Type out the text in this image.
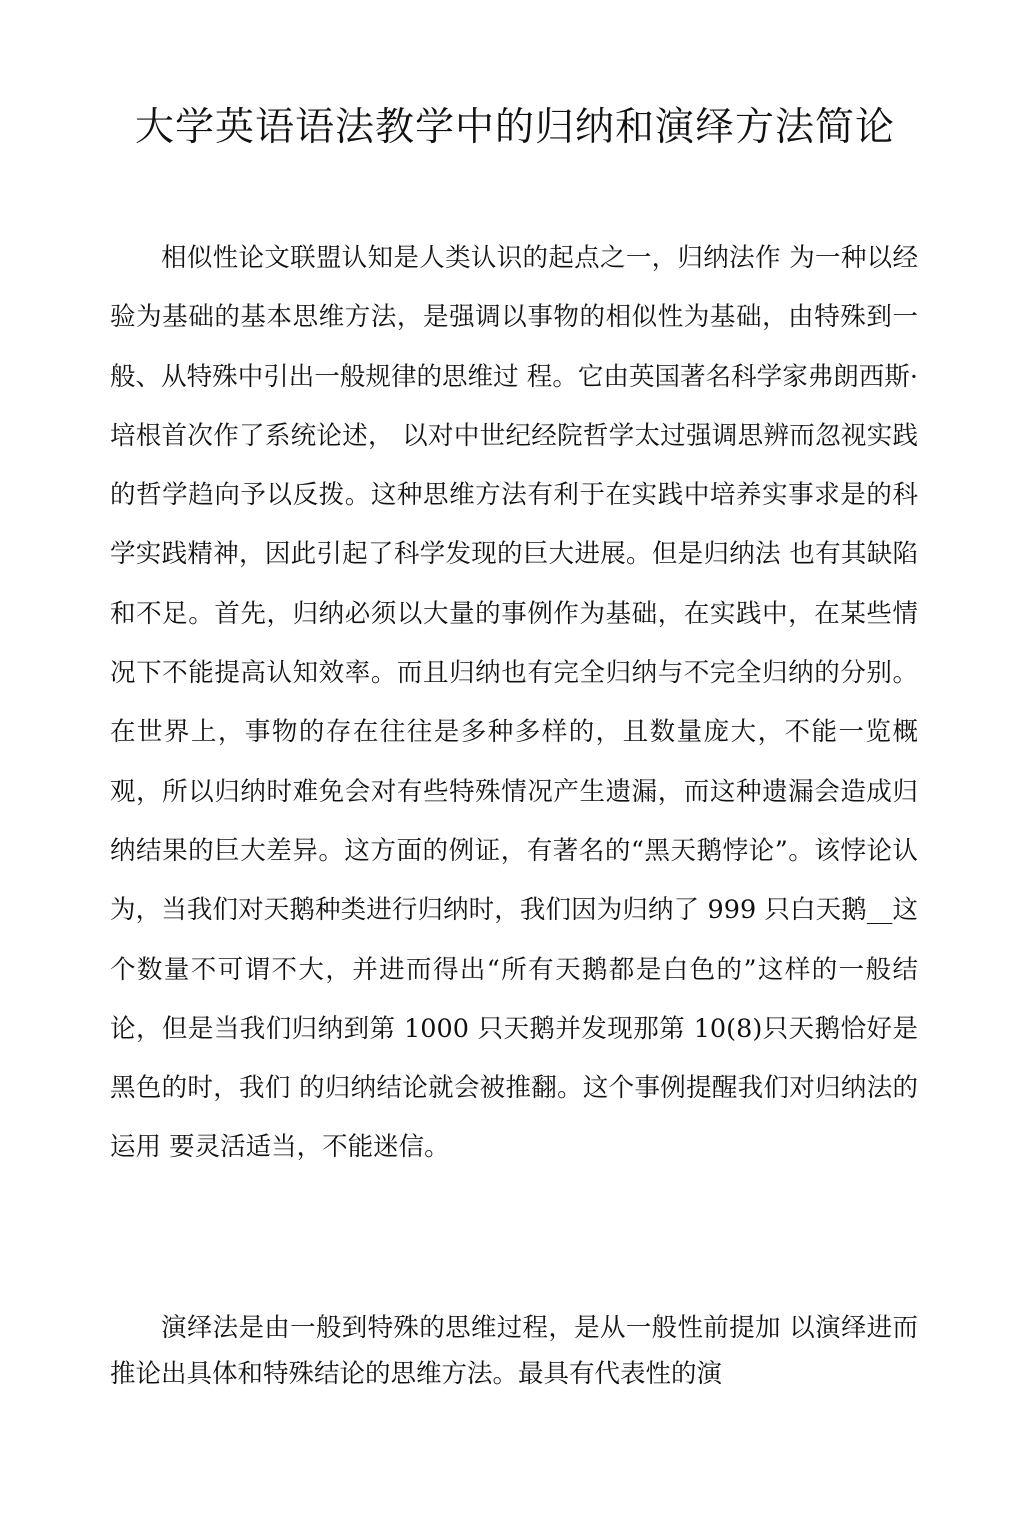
大学英语语法教学中的归纳和演绎方法简论

相似性论文联盟认知是人类认识的起点之一，归纳法作 为一种以经验为基础的基本思维方法，是强调以事物的相似性为基础，由特殊到一般、从特殊中引出一般规律的思维过 程。它由英国著名科学家弗朗西斯·培根首次作了系统论述， 以对中世纪经院哲学太过强调思辨而忽视实践的哲学趋向予以反拨。这种思维方法有利于在实践中培养实事求是的科学实践精神，因此引起了科学发现的巨大进展。但是归纳法 也有其缺陷和不足。首先，归纳必须以大量的事例作为基础，在实践中，在某些情况下不能提高认知效率。而且归纳也有完全归纳与不完全归纳的分别。在世界上，事物的存在往往是多种多样的，且数量庞大，不能一览概观，所以归纳时难免会对有些特殊情况产生遗漏，而这种遗漏会造成归纳结果的巨大差异。这方面的例证，有著名的“黑天鹅悖论”。该悖论认为，当我们对天鹅种类进行归纳时，我们因为归纳了 999 只白天鹅__这个数量不可谓不大，并进而得出“所有天鹅都是白色的”这样的一般结论，但是当我们归纳到第 1000 只天鹅并发现那第 10(8)只天鹅恰好是黑色的时，我们 的归纳结论就会被推翻。这个事例提醒我们对归纳法的运用 要灵活适当，不能迷信。

演绎法是由一般到特殊的思维过程，是从一般性前提加 以演绎进而推论出具体和特殊结论的思维方法。最具有代表性的演
